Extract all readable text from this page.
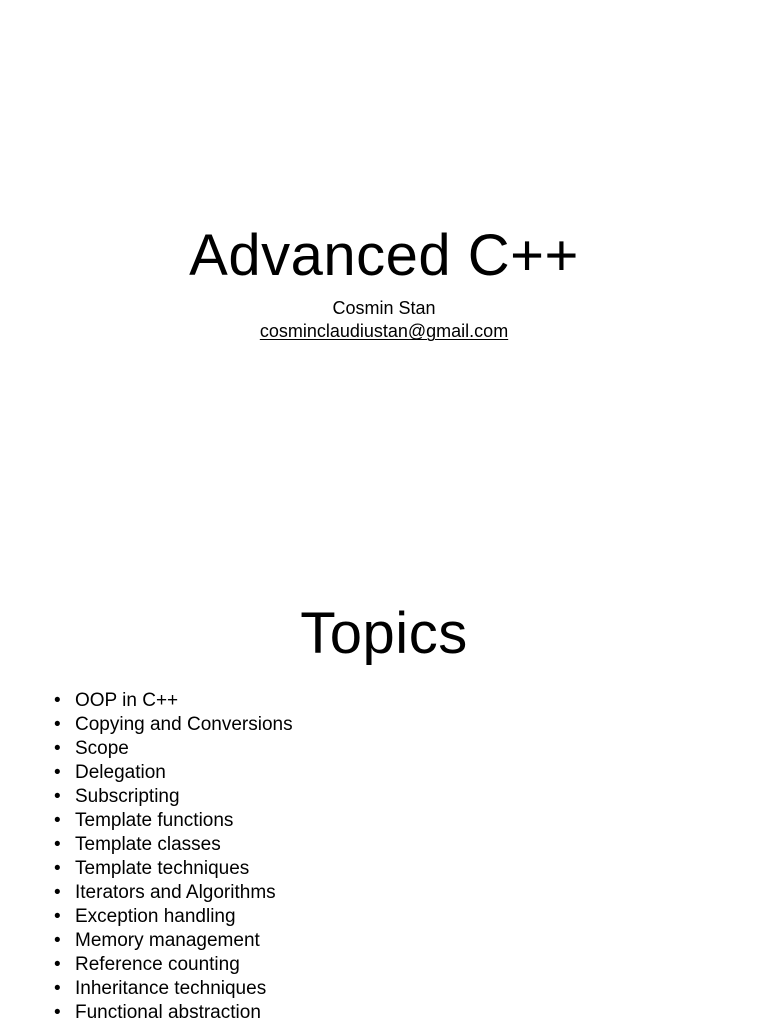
Advanced C++
Cosmin Stan
cosminclaudiustan@gmail.com
Topics
• OOP in C++
• Copying and Conversions
• Scope
• Delegation
• Subscripting
• Template functions
• Template classes
• Template techniques
• Iterators and Algorithms
• Exception handling
• Memory management
• Reference counting
• Inheritance techniques
• Functional abstraction
